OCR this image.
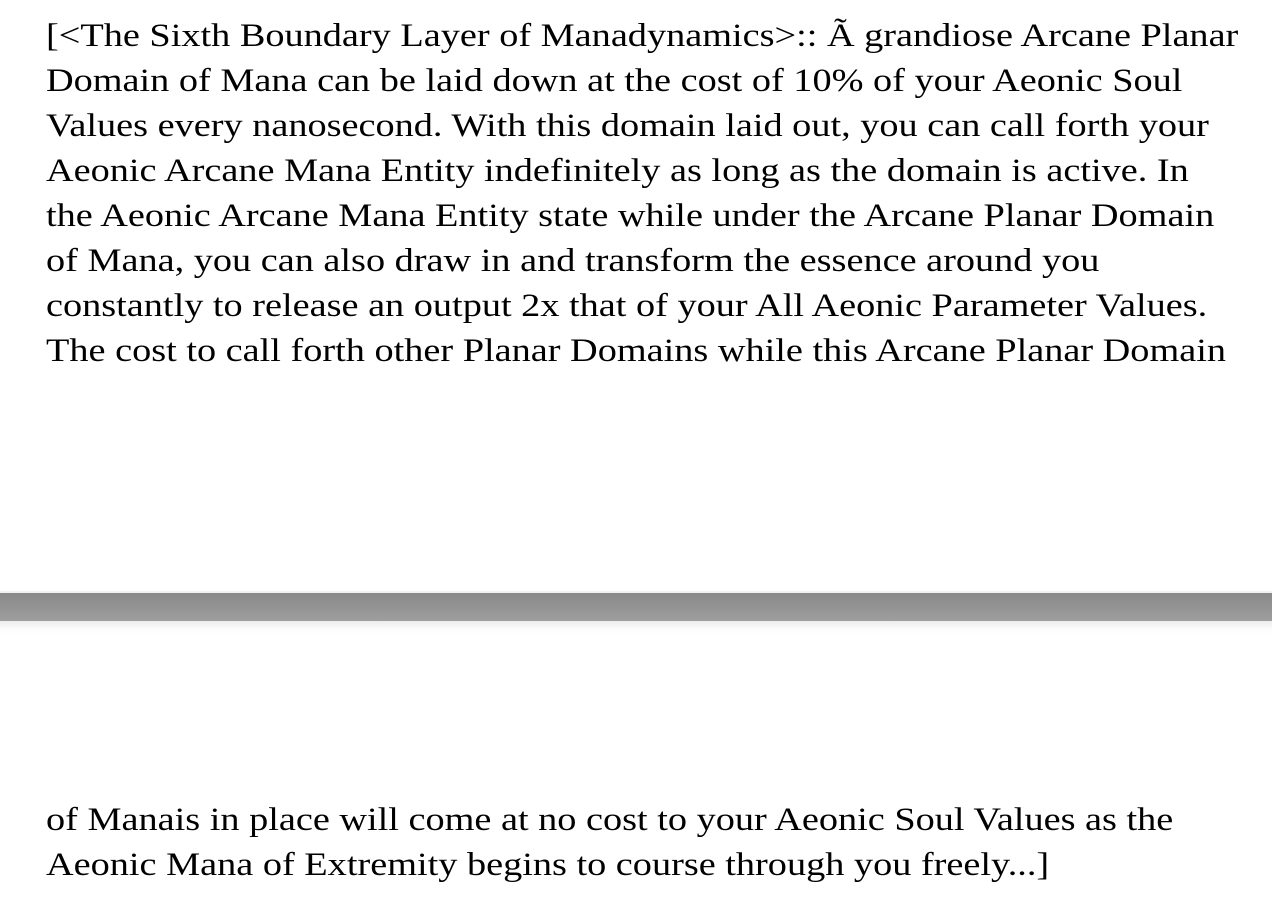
[<The Sixth Boundary Layer of Manadynamics>:: Ã grandiose Arcane Planar
Domain of Mana can be laid down at the cost of 10% of your Aeonic Soul
Values every nanosecond. With this domain laid out, you can call forth your
Aeonic Arcane Mana Entity indefinitely as long as the domain is active. In
the Aeonic Arcane Mana Entity state while under the Arcane Planar Domain
of Mana, you can also draw in and transform the essence around you
constantly to release an output 2x that of your All Aeonic Parameter Values.
The cost to call forth other Planar Domains while this Arcane Planar Domain
of Manais in place will come at no cost to your Aeonic Soul Values as the
Aeonic Mana of Extremity begins to course through you freely...]
